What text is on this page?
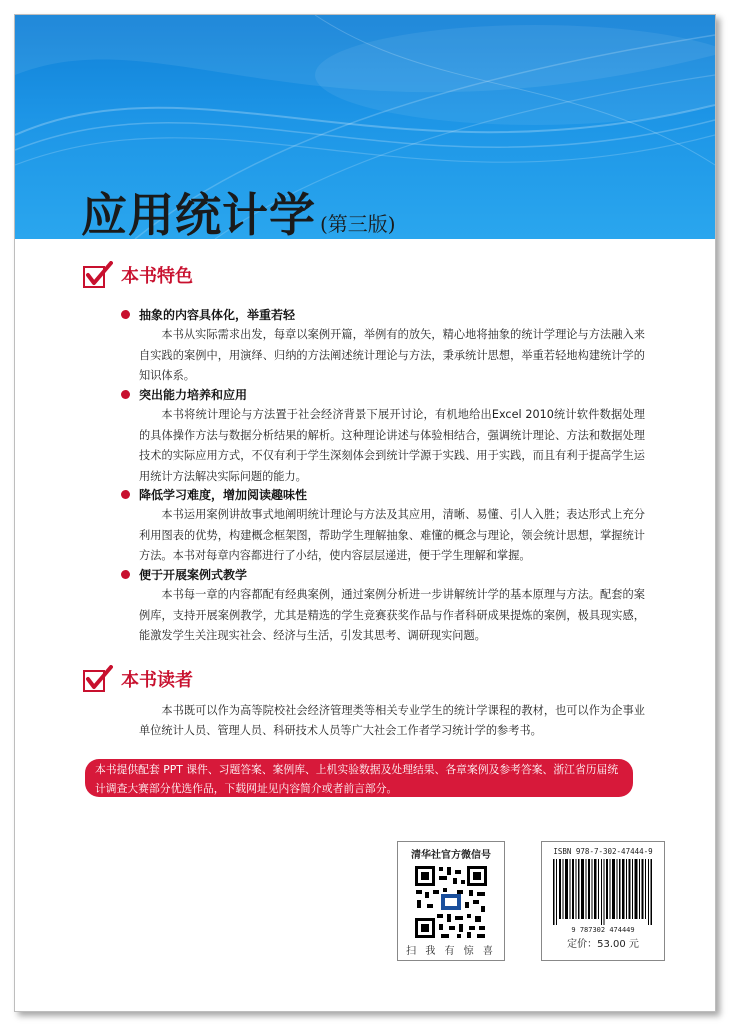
应用统计学 (第三版)
本书特色
抽象的内容具体化，举重若轻
本书从实际需求出发，每章以案例开篇，举例有的放矢，精心地将抽象的统计学理论与方法融入来自实践的案例中，用演绎、归纳的方法阐述统计理论与方法，秉承统计思想，举重若轻地构建统计学的知识体系。
突出能力培养和应用
本书将统计理论与方法置于社会经济背景下展开讨论，有机地给出Excel 2010统计软件数据处理的具体操作方法与数据分析结果的解析。这种理论讲述与体验相结合，强调统计理论、方法和数据处理技术的实际应用方式，不仅有利于学生深刻体会到统计学源于实践、用于实践，而且有利于提高学生运用统计方法解决实际问题的能力。
降低学习难度，增加阅读趣味性
本书运用案例讲故事式地阐明统计理论与方法及其应用，清晰、易懂、引人入胜；表达形式上充分利用图表的优势，构建概念框架图，帮助学生理解抽象、难懂的概念与理论，领会统计思想，掌握统计方法。本书对每章内容都进行了小结，使内容层层递进，便于学生理解和掌握。
便于开展案例式教学
本书每一章的内容都配有经典案例，通过案例分析进一步讲解统计学的基本原理与方法。配套的案例库，支持开展案例教学，尤其是精选的学生竞赛获奖作品与作者科研成果提炼的案例，极具现实感，能激发学生关注现实社会、经济与生活，引发其思考、调研现实问题。
本书读者
本书既可以作为高等院校社会经济管理类等相关专业学生的统计学课程的教材，也可以作为企事业单位统计人员、管理人员、科研技术人员等广大社会工作者学习统计学的参考书。
本书提供配套 PPT 课件、习题答案、案例库、上机实验数据及处理结果、各章案例及参考答案、浙江省历届统计调查大赛部分优选作品，下载网址见内容简介或者前言部分。
清华社官方微信号
扫 我 有 惊 喜
ISBN 978-7-302-47444-9
9 787302 474449
定价：53.00 元
